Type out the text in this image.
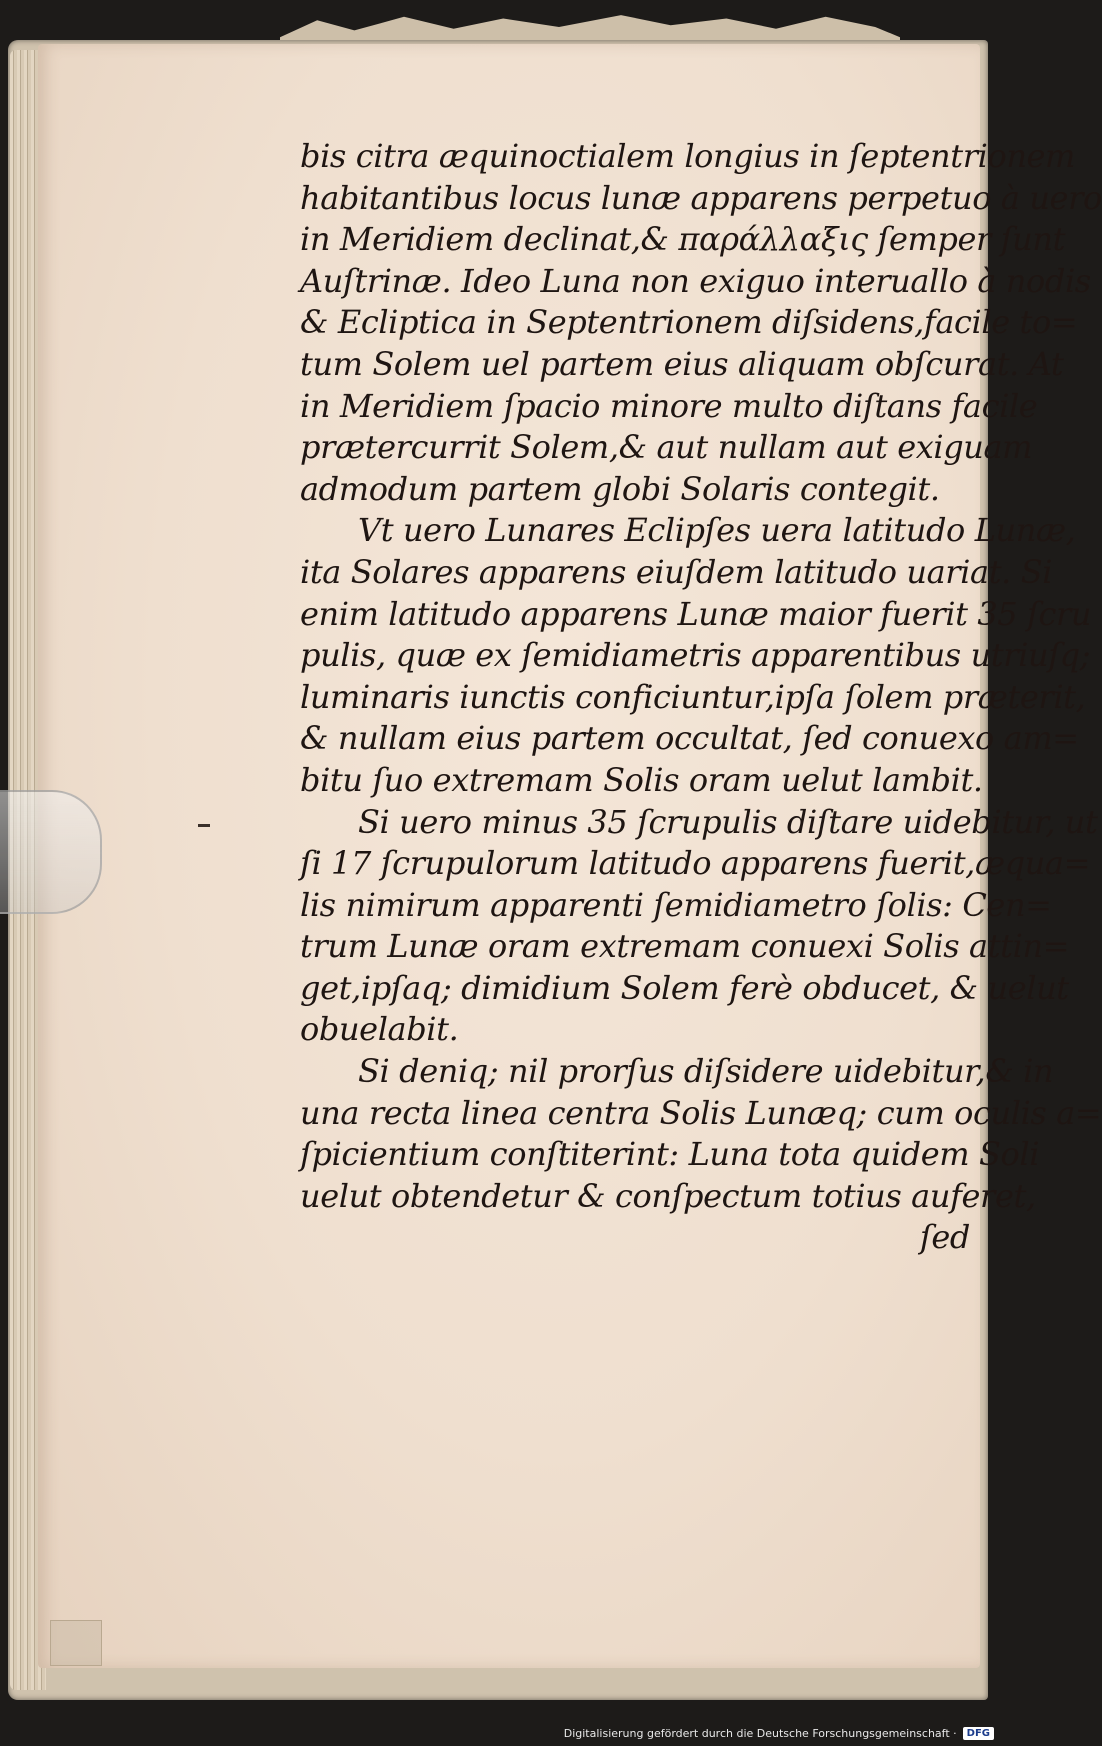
bis citra æquinoctialem longius in ſeptentrionem
habitantibus locus lunæ apparens perpetuo à uero
in Meridiem declinat,& παράλλαξις ſemper ſunt
Auſtrinæ. Ideo Luna non exiguo interuallo à nodis
& Ecliptica in Septentrionem diſsidens,facile to=
tum Solem uel partem eius aliquam obſcurat. At
in Meridiem ſpacio minore multo diſtans facile
prætercurrit Solem,& aut nullam aut exiguam
admodum partem globi Solaris contegit.
Vt uero Lunares Eclipſes uera latitudo Lunæ,
ita Solares apparens eiuſdem latitudo uariat. Si
enim latitudo apparens Lunæ maior fuerit 35 ſcru
pulis, quæ ex ſemidiametris apparentibus utriuſq;
luminaris iunctis conficiuntur,ipſa ſolem præterit,
& nullam eius partem occultat, ſed conuexo am=
bitu ſuo extremam Solis oram uelut lambit.
Si uero minus 35 ſcrupulis diſtare uidebitur, ut
ſi 17 ſcrupulorum latitudo apparens fuerit,æqua=
lis nimirum apparenti ſemidiametro ſolis: Cen=
trum Lunæ oram extremam conuexi Solis attin=
get,ipſaq; dimidium Solem ferè obducet, & uelut
obuelabit.
Si deniq; nil prorſus diſsidere uidebitur,& in
una recta linea centra Solis Lunæq; cum oculis a=
ſpicientium conſtiterint: Luna tota quidem Soli
uelut obtendetur & conſpectum totius auferet,
ſed
Digitalisierung gefördert durch die Deutsche Forschungsgemeinschaft ·	DFG
